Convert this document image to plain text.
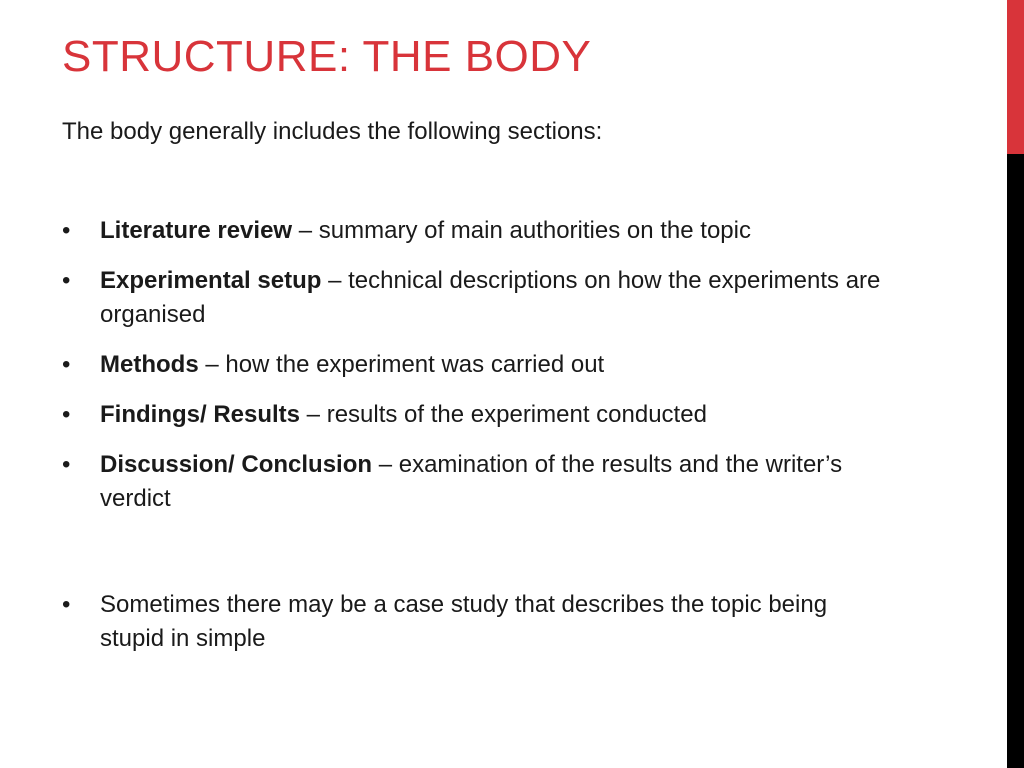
STRUCTURE: THE BODY

The body generally includes the following sections:

•	Literature review – summary of main authorities on the topic
•	Experimental setup – technical descriptions on how the experiments are organised
•	Methods – how the experiment was carried out
•	Findings/ Results – results of the experiment conducted
•	Discussion/ Conclusion – examination of the results and the writer’s verdict
•	Sometimes there may be a case study that describes the topic being stupid in simple
